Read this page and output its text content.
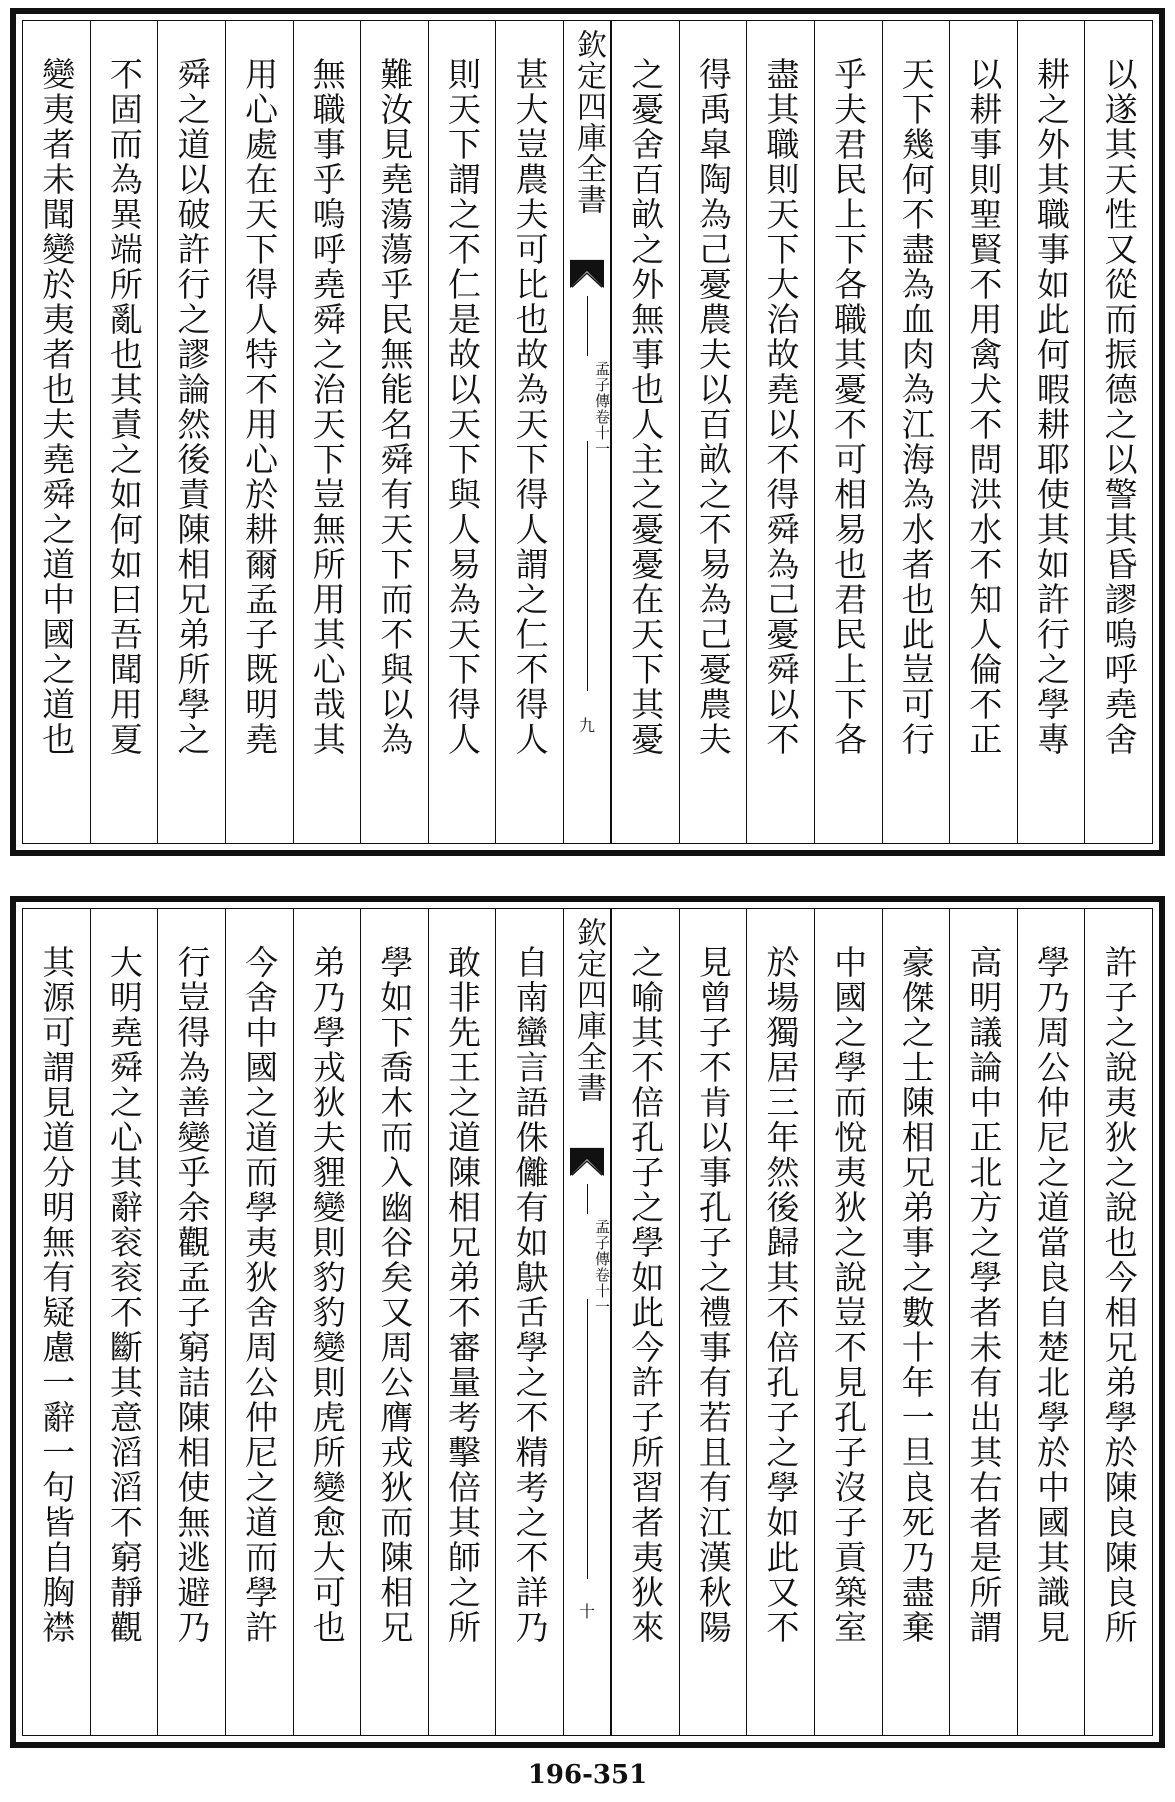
以遂其天性又從而振德之以警其昏謬嗚呼堯舍
耕之外其職事如此何暇耕耶使其如許行之學專
以耕事則聖賢不用禽犬不問洪水不知人倫不正
天下幾何不盡為血肉為江海為水者也此豈可行
乎夫君民上下各職其憂不可相易也君民上下各
盡其職則天下大治故堯以不得舜為己憂舜以不
得禹皐陶為己憂農夫以百畝之不易為己憂農夫
之憂舍百畝之外無事也人主之憂憂在天下其憂
欽定四庫全書
孟子傳
卷十一
九
甚大豈農夫可比也故為天下得人謂之仁不得人
則天下謂之不仁是故以天下與人易為天下得人
難汝見堯蕩蕩乎民無能名舜有天下而不與以為
無職事乎嗚呼堯舜之治天下豈無所用其心哉其
用心處在天下得人特不用心於耕爾孟子既明堯
舜之道以破許行之謬論然後責陳相兄弟所學之
不固而為異端所亂也其責之如何如曰吾聞用夏
變夷者未聞變於夷者也夫堯舜之道中國之道也
許子之說夷狄之說也今相兄弟學於陳良陳良所
學乃周公仲尼之道當良自楚北學於中國其識見
高明議論中正北方之學者未有出其右者是所謂
豪傑之士陳相兄弟事之數十年一旦良死乃盡棄
中國之學而悅夷狄之說豈不見孔子沒子貢築室
於場獨居三年然後歸其不倍孔子之學如此又不
見曾子不肯以事孔子之禮事有若且有江漢秋陽
之喻其不倍孔子之學如此今許子所習者夷狄來
欽定四庫全書
孟子傳
卷十一
十
自南蠻言語侏㒧有如鴃舌學之不精考之不詳乃
敢非先王之道陳相兄弟不審量考擊倍其師之所
學如下喬木而入幽谷矣又周公膺戎狄而陳相兄
弟乃學戎狄夫貍變則豹豹變則虎所變愈大可也
今舍中國之道而學夷狄舍周公仲尼之道而學許
行豈得為善變乎余觀孟子窮詰陳相使無逃避乃
大明堯舜之心其辭衮衮不斷其意滔滔不窮靜觀
其源可謂見道分明無有疑慮一辭一句皆自胸襟
196-351
